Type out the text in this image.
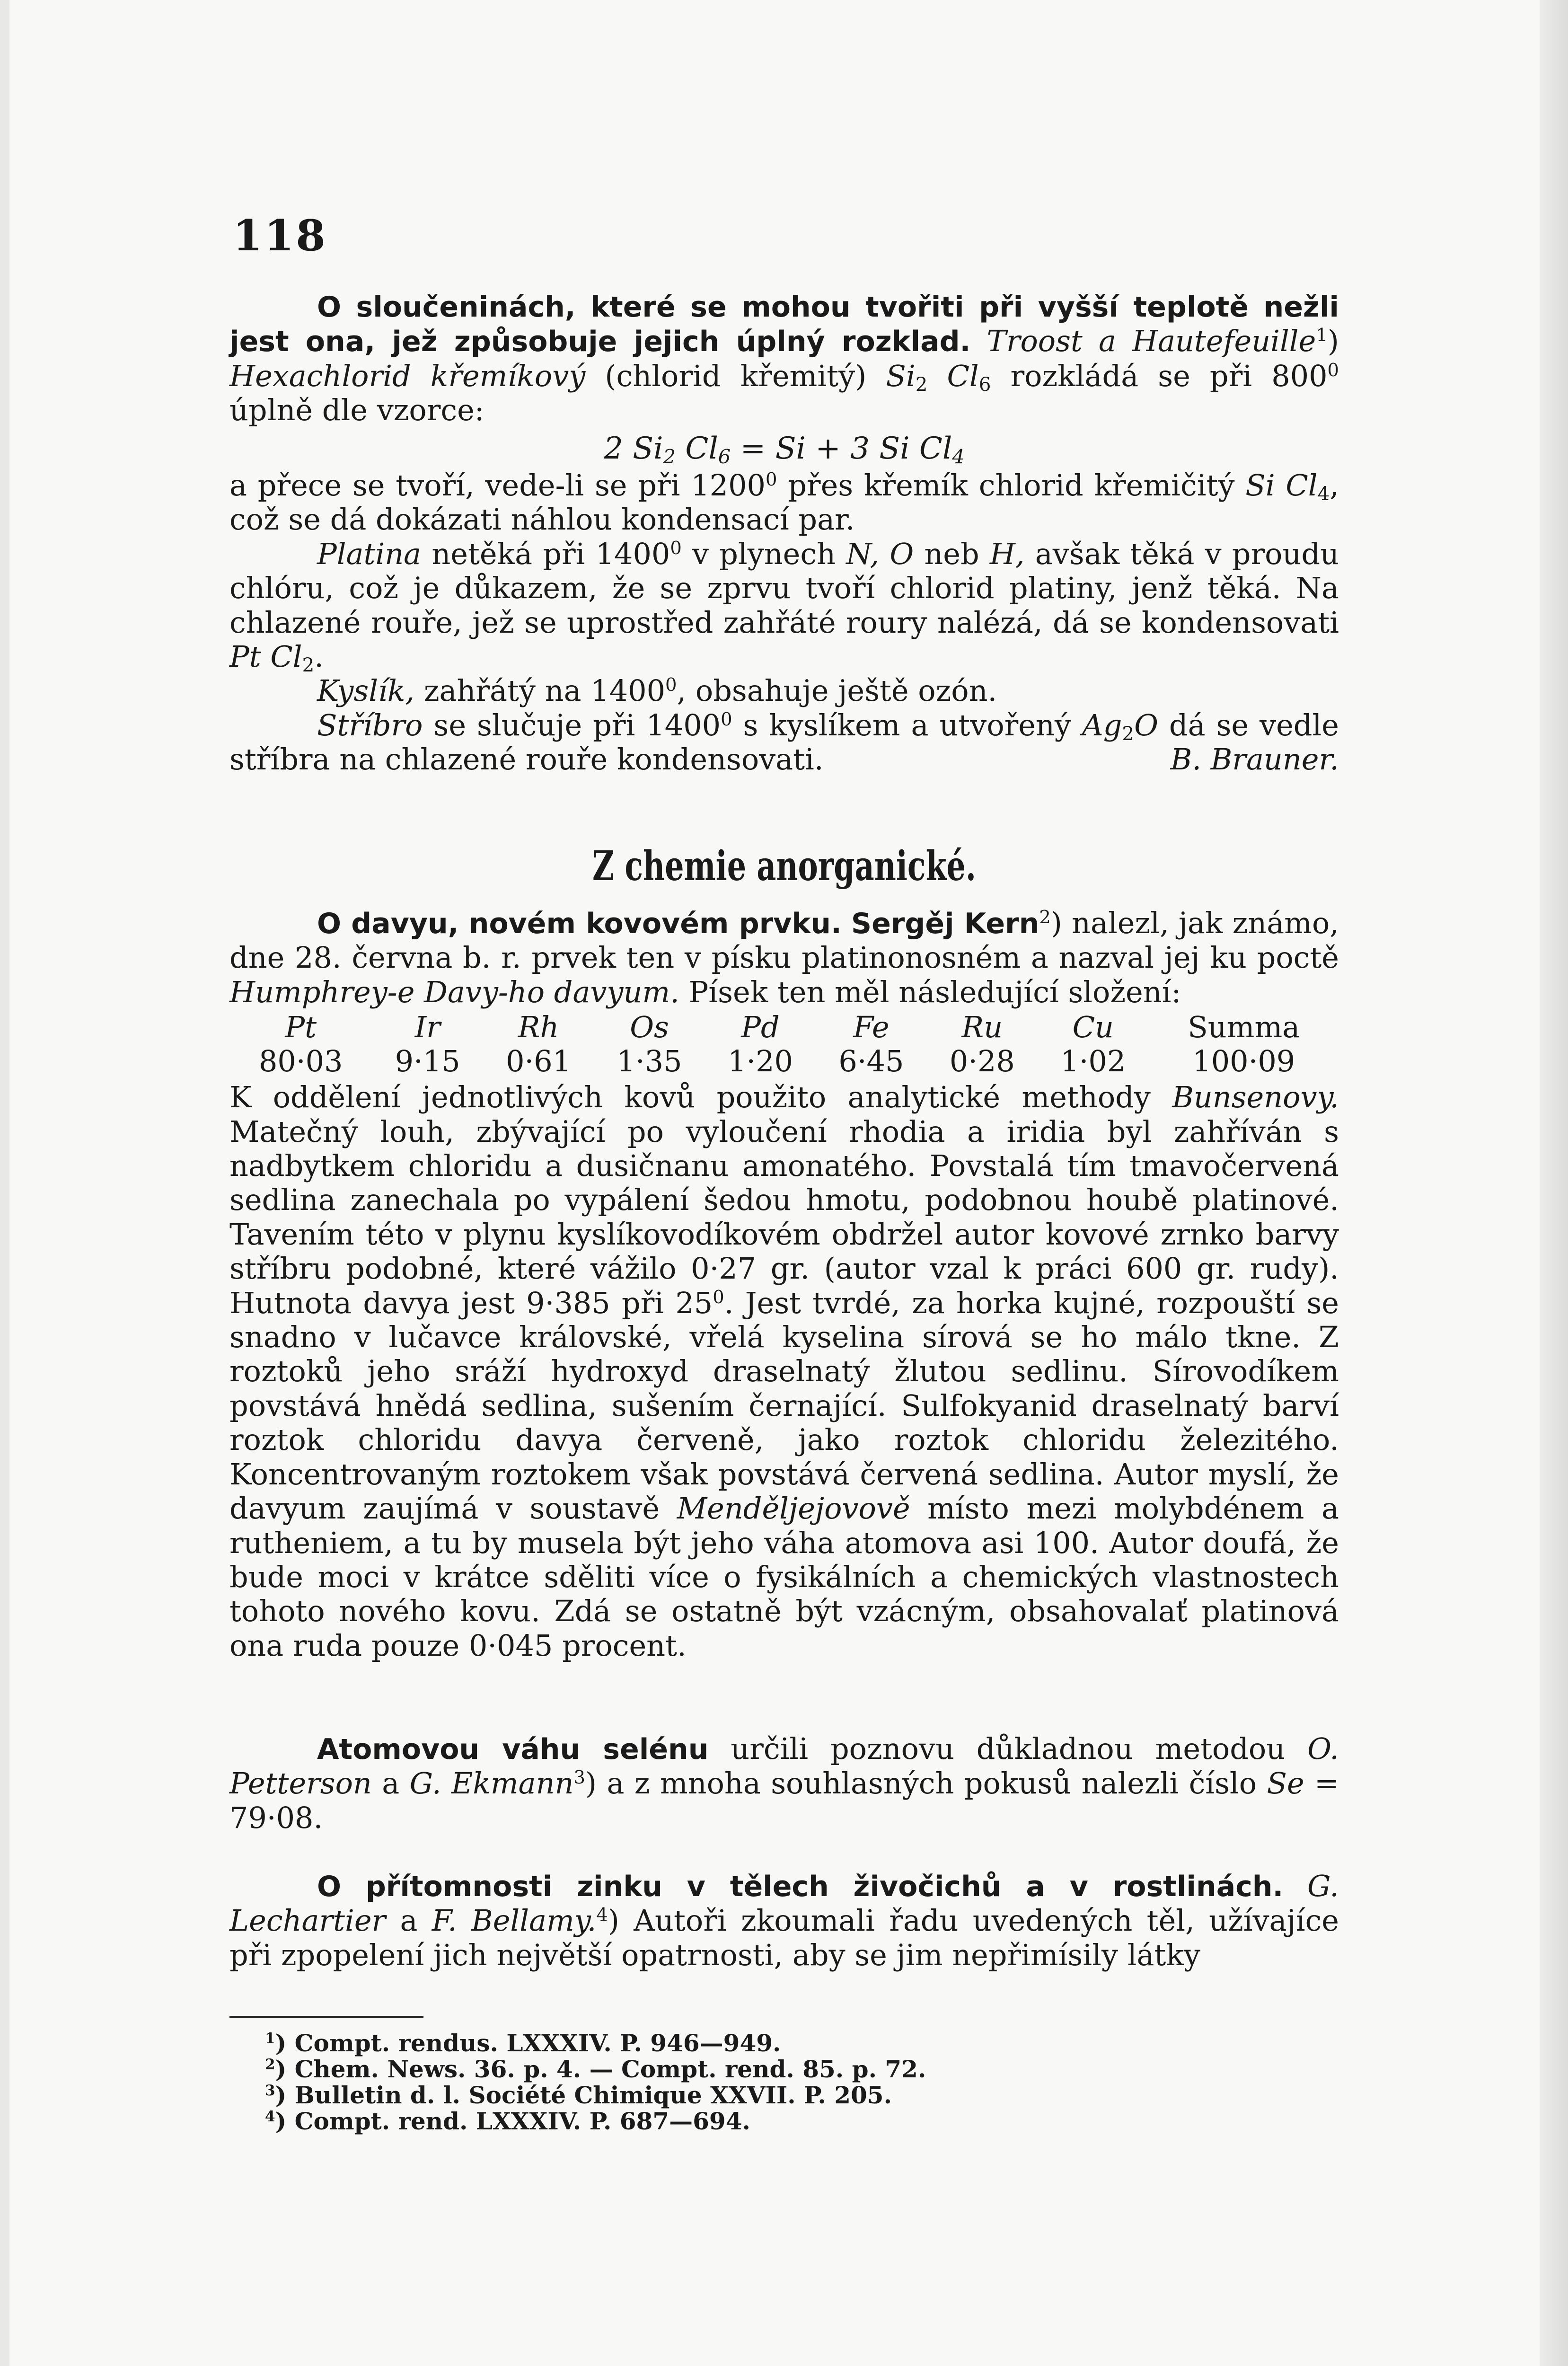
118

O sloučeninách, které se mohou tvořiti při vyšší teplotě nežli jest ona, jež způsobuje jejich úplný rozklad. Troost a Hautefeuille$^1$) Hexachlorid křemíkový (chlorid křemitý) $Si_2$ $Cl_6$ rozkládá se při $800^0$ úplně dle vzorce:

2 $Si_2$ $Cl_6 = Si + 3$ Si $Cl_4$

a přece se tvoří, vede-li se při 1200$^0$ přes křemík chlorid křemičitý Si $Cl_4$, což se dá dokázati náhlou kondensací par.

Platina netěká při 1400$^0$ v plynech N, O neb H, avšak těká v proudu chlóru, což je důkazem, že se zprvu tvoří chlorid platiny, jenž těká. Na chlazené rouře, jež se uprostřed zahřáté roury nalézá, dá se kondensovati Pt $Cl_2$.

Kyslík, zahřátý na 1400$^0$, obsahuje ještě ozón.

Stříbro se slučuje při 1400$^0$ s kyslíkem a utvořený $Ag_2O$ dá se vedle stříbra na chlazené rouře kondensovati.	B. Brauner.

Z chemie anorganické.

O davyu, novém kovovém prvku. Sergěj Kern$^2$) nalezl, jak známo, dne 28. června b. r. prvek ten v písku platinonosném a nazval jej ku poctě Humphrey-e Davy-ho davyum. Písek ten měl následující složení:

Pt	Ir	Rh	Os	Pd	Fe	Ru	Cu	Summa
80·03	9·15	0·61	1·35	1·20	6·45	0·28	1·02	100·09

K oddělení jednotlivých kovů použito analytické methody Bunsenovy. Matečný louh, zbývající po vyloučení rhodia a iridia byl zahříván s nadbytkem chloridu a dusičnanu amonatého. Povstalá tím tmavočervená sedlina zanechala po vypálení šedou hmotu, podobnou houbě platinové. Tavením této v plynu kyslíkovodíkovém obdržel autor kovové zrnko barvy stříbru podobné, které vážilo 0·27 gr. (autor vzal k práci 600 gr. rudy). Hutnota davya jest 9·385 při $25^0$. Jest tvrdé, za horka kujné, rozpouští se snadno v lučavce královské, vřelá kyselina sírová se ho málo tkne. Z roztoků jeho sráží hydroxyd draselnatý žlutou sedlinu. Sírovodíkem povstává hnědá sedlina, sušením černající. Sulfokyanid draselnatý barví roztok chloridu davya červeně, jako roztok chloridu železitého. Koncentrovaným roztokem však povstává červená sedlina. Autor myslí, že davyum zaujímá v soustavě Menděljejovově místo mezi molybdénem a rutheniem, a tu by musela být jeho váha atomova asi 100. Autor doufá, že bude moci v krátce sděliti více o fysikálních a chemických vlastnostech tohoto nového kovu. Zdá se ostatně být vzácným, obsahovalať platinová ona ruda pouze 0·045 procent.

Atomovou váhu selénu určili poznovu důkladnou metodou O. Petterson a G. Ekmann$^3$) a z mnoha souhlasných pokusů nalezli číslo Se = 79·08.

O přítomnosti zinku v tělech živočichů a v rostlinách. G. Lechartier a F. Bellamy.$^4$) Autoři zkoumali řadu uvedených těl, užívajíce při zpopelení jich největší opatrnosti, aby se jim nepřimísily látky

$^1$) Compt. rendus. LXXXIV. P. 946—949.

$^2$) Chem. News. 36. p. 4. — Compt. rend. 85. p. 72.

$^3$) Bulletin d. l. Société Chimique XXVII. P. 205.

$^4$) Compt. rend. LXXXIV. P. 687—694.
